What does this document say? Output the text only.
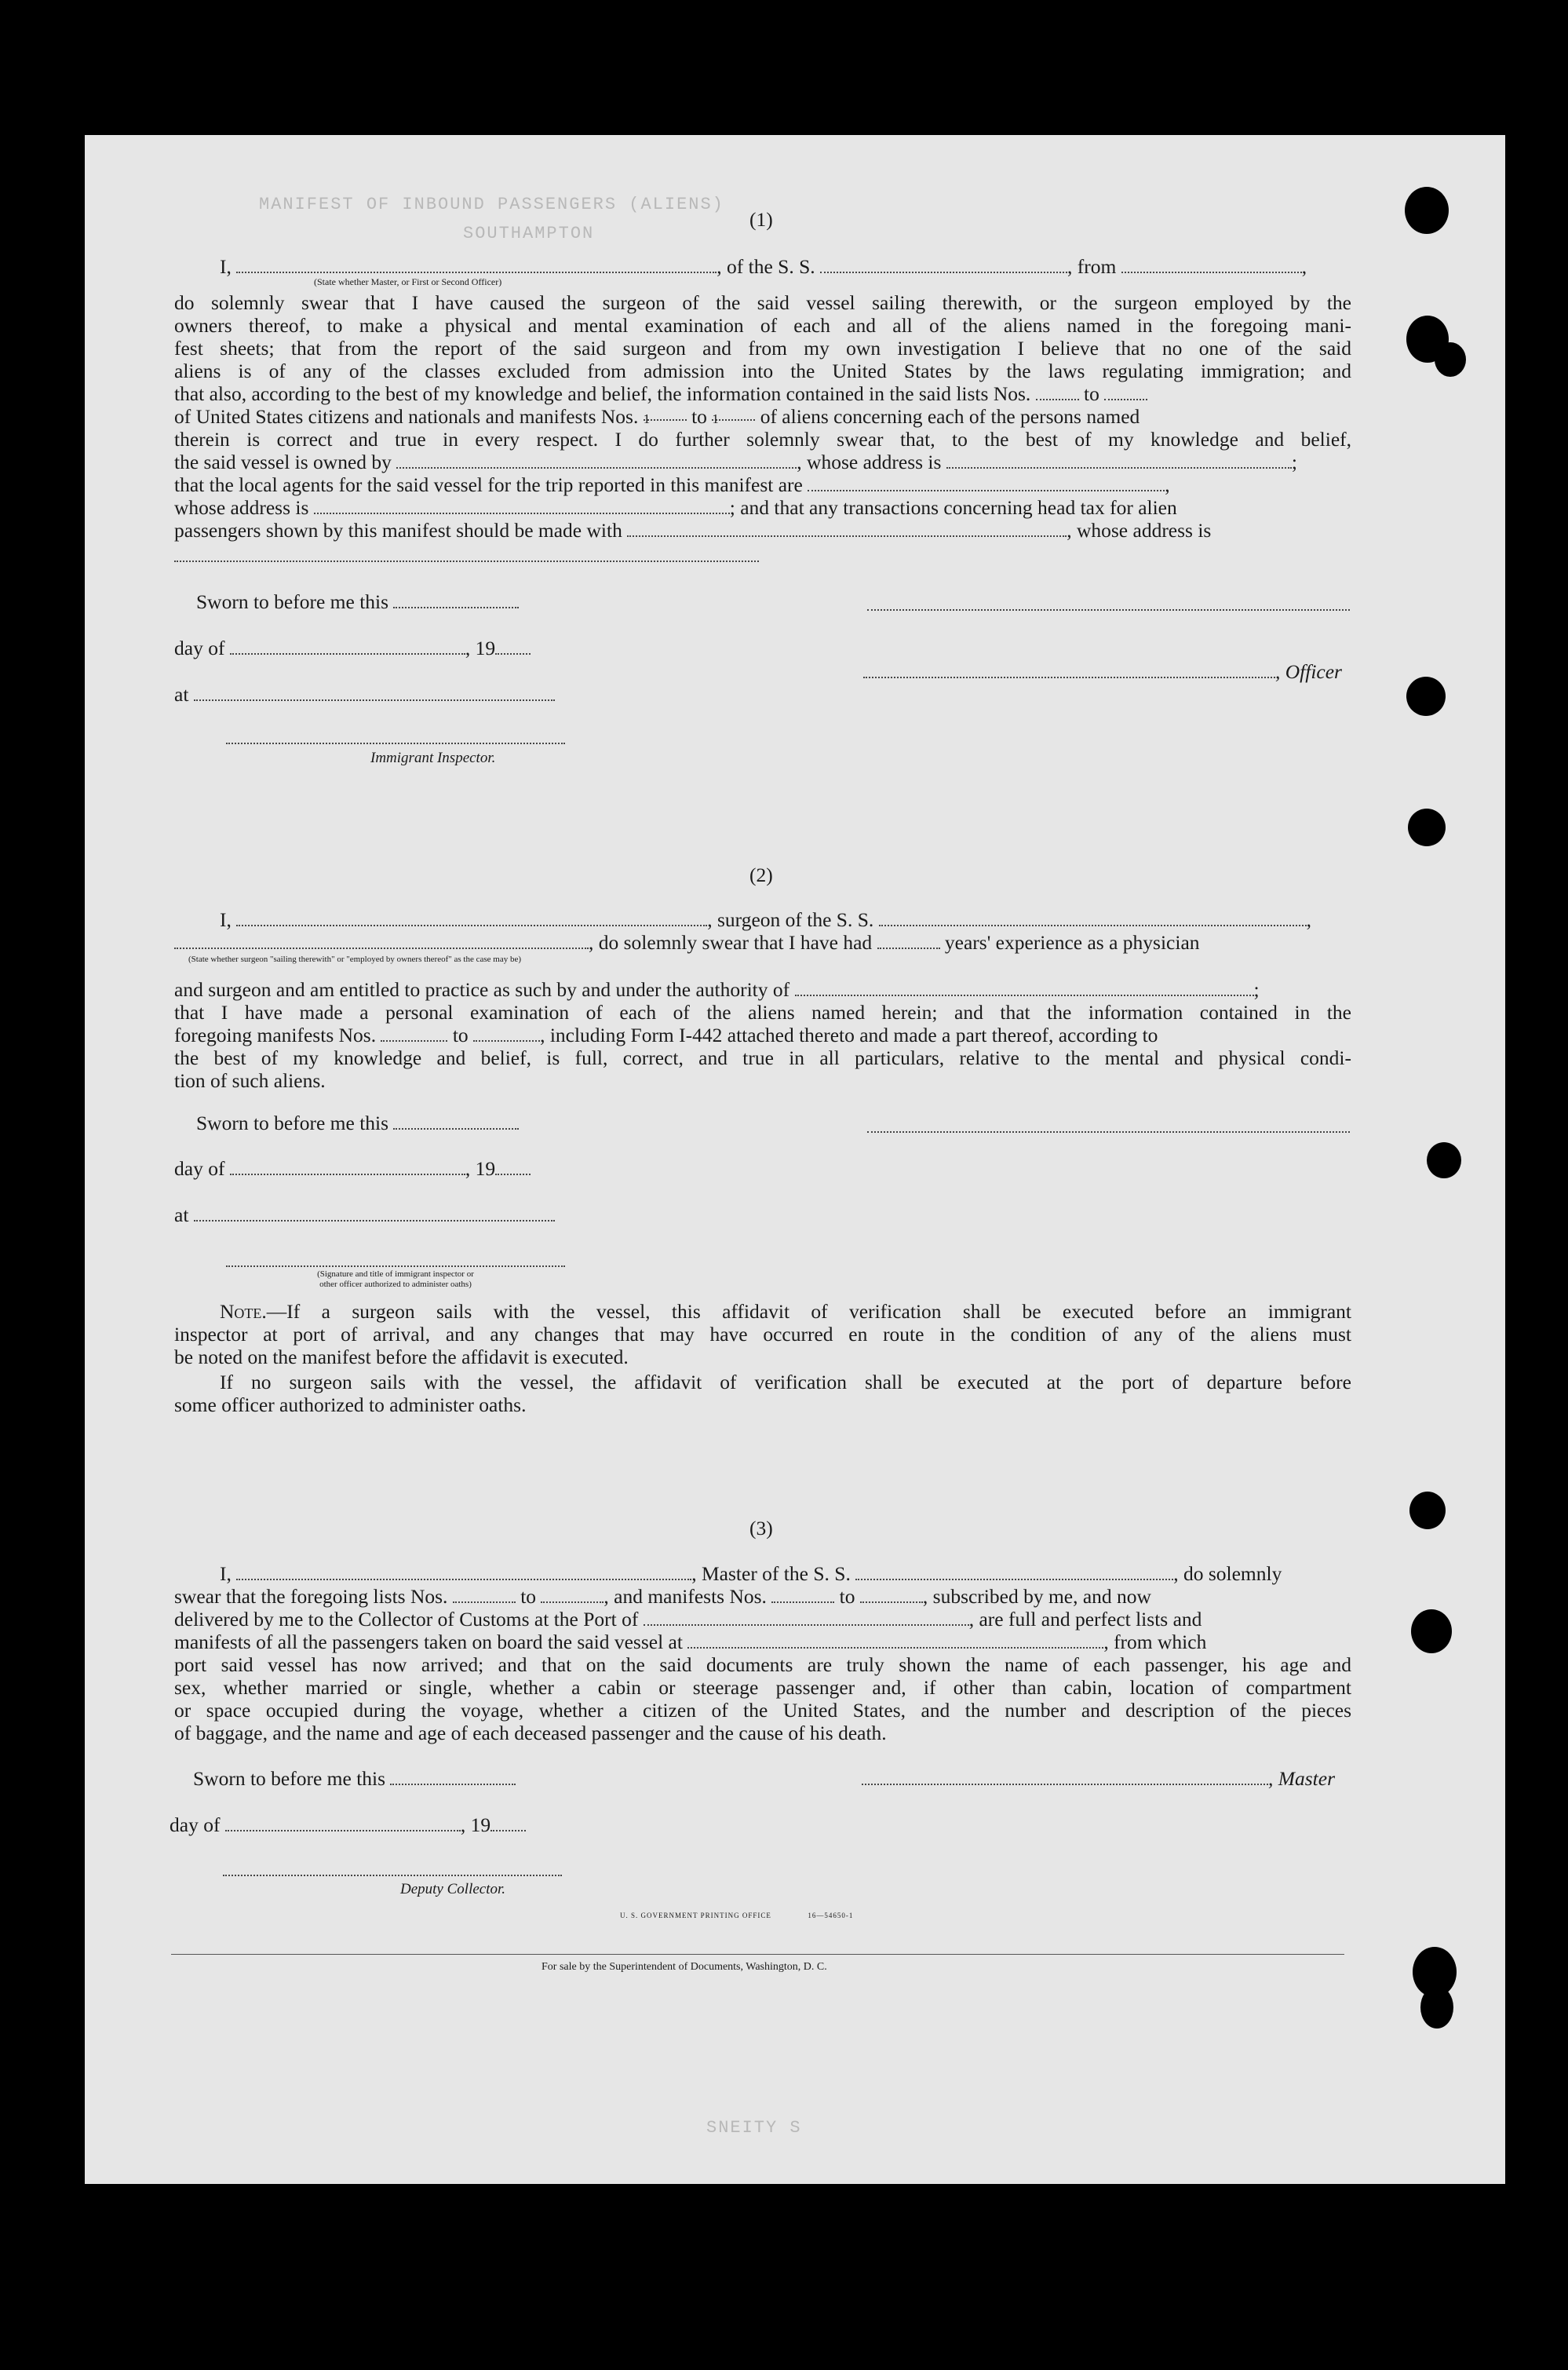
MANIFEST OF INBOUND PASSENGERS (ALIENS)
SOUTHAMPTON
SNEITY S
(1)
I,	, of the S. S.	, from	,
(State whether Master, or First or Second Officer)
do solemnly swear that I have caused the surgeon of the said vessel sailing therewith, or the surgeon employed by the
owners thereof, to make a physical and mental examination of each and all of the aliens named in the foregoing mani-
fest sheets; that from the report of the said surgeon and from my own investigation I believe that no one of the said
aliens is of any of the classes excluded from admission into the United States by the laws regulating immigration; and
that also, according to the best of my knowledge and belief, the information contained in the said lists Nos.	to
of United States citizens and nationals and manifests Nos. 1 to 1 of aliens concerning each of the persons named
therein is correct and true in every respect. I do further solemnly swear that, to the best of my knowledge and belief,
the said vessel is owned by	, whose address is	;
that the local agents for the said vessel for the trip reported in this manifest are	,
whose address is	; and that any transactions concerning head tax for alien
passengers shown by this manifest should be made with	, whose address is
Sworn to before me this
day of	, 19
, Officer
at
Immigrant Inspector.
(2)
I,	, surgeon of the S. S.	,
, do solemnly swear that I have had	years' experience as a physician
(State whether surgeon "sailing therewith" or "employed by owners thereof" as the case may be)
and surgeon and am entitled to practice as such by and under the authority of	;
that I have made a personal examination of each of the aliens named herein; and that the information contained in the
foregoing manifests Nos.	to	, including Form I-442 attached thereto and made a part thereof, according to
the best of my knowledge and belief, is full, correct, and true in all particulars, relative to the mental and physical condi-
tion of such aliens.
Sworn to before me this
day of	, 19
at
(Signature and title of immigrant inspector or
other officer authorized to administer oaths)
Note.—If a surgeon sails with the vessel, this affidavit of verification shall be executed before an immigrant
inspector at port of arrival, and any changes that may have occurred en route in the condition of any of the aliens must
be noted on the manifest before the affidavit is executed.
If no surgeon sails with the vessel, the affidavit of verification shall be executed at the port of departure before
some officer authorized to administer oaths.
(3)
I,	, Master of the S. S.	, do solemnly
swear that the foregoing lists Nos.	to	, and manifests Nos.	to	, subscribed by me, and now
delivered by me to the Collector of Customs at the Port of	, are full and perfect lists and
manifests of all the passengers taken on board the said vessel at	, from which
port said vessel has now arrived; and that on the said documents are truly shown the name of each passenger, his age and
sex, whether married or single, whether a cabin or steerage passenger and, if other than cabin, location of compartment
or space occupied during the voyage, whether a citizen of the United States, and the number and description of the pieces
of baggage, and the name and age of each deceased passenger and the cause of his death.
Sworn to before me this	, Master
day of	, 19
Deputy Collector.
U. S. GOVERNMENT PRINTING OFFICE	16—54650-1
For sale by the Superintendent of Documents, Washington, D. C.
